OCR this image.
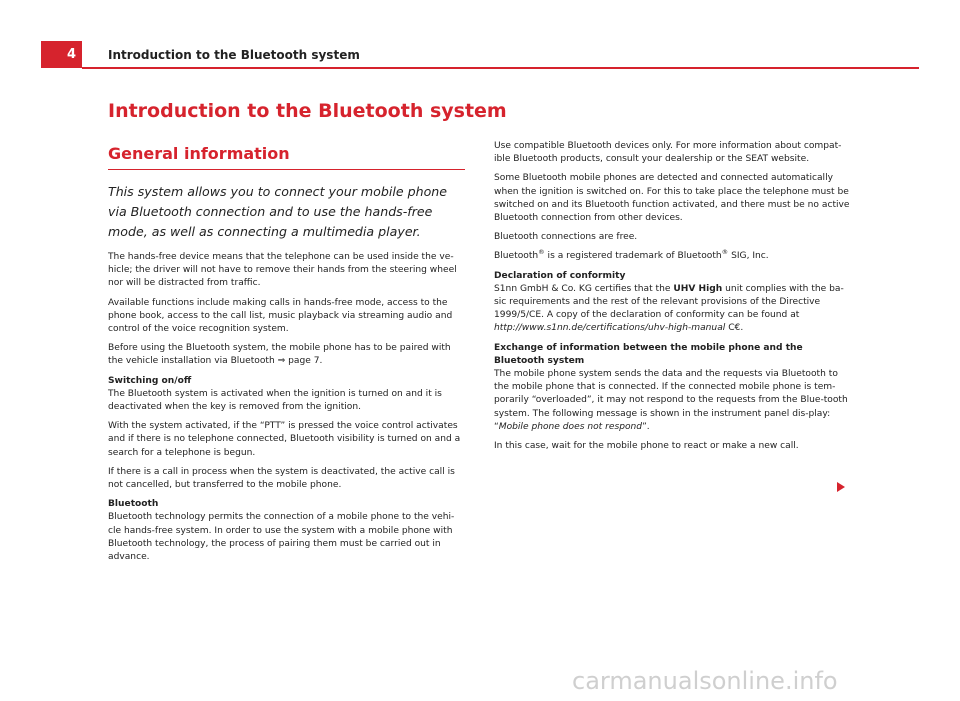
4	Introduction to the Bluetooth system
Introduction to the Bluetooth system
General information
This system allows you to connect your mobile phone via Bluetooth connection and to use the hands-free mode, as well as connecting a multimedia player.

The hands-free device means that the telephone can be used inside the ve-hicle; the driver will not have to remove their hands from the steering wheel nor will be distracted from traffic.

Available functions include making calls in hands-free mode, access to the phone book, access to the call list, music playback via streaming audio and control of the voice recognition system.

Before using the Bluetooth system, the mobile phone has to be paired with the vehicle installation via Bluetooth ⇒ page 7.

Switching on/off

The Bluetooth system is activated when the ignition is turned on and it is deactivated when the key is removed from the ignition.

With the system activated, if the “PTT” is pressed the voice control activates and if there is no telephone connected, Bluetooth visibility is turned on and a search for a telephone is begun.

If there is a call in process when the system is deactivated, the active call is not cancelled, but transferred to the mobile phone.

Bluetooth

Bluetooth technology permits the connection of a mobile phone to the vehi-cle hands-free system. In order to use the system with a mobile phone with Bluetooth technology, the process of pairing them must be carried out in advance.

Use compatible Bluetooth devices only. For more information about compat-ible Bluetooth products, consult your dealership or the SEAT website.

Some Bluetooth mobile phones are detected and connected automatically when the ignition is switched on. For this to take place the telephone must be switched on and its Bluetooth function activated, and there must be no active Bluetooth connection from other devices.

Bluetooth connections are free.

Bluetooth® is a registered trademark of Bluetooth® SIG, Inc.

Declaration of conformity

S1nn GmbH & Co. KG certifies that the UHV High unit complies with the ba-sic requirements and the rest of the relevant provisions of the Directive 1999/5/CE. A copy of the declaration of conformity can be found at http://www.s1nn.de/certifications/uhv-high-manual C€.

Exchange of information between the mobile phone and the Bluetooth system

The mobile phone system sends the data and the requests via Bluetooth to the mobile phone that is connected. If the connected mobile phone is tem-porarily “overloaded”, it may not respond to the requests from the Blue-tooth system. The following message is shown in the instrument panel dis-play: “Mobile phone does not respond”.

In this case, wait for the mobile phone to react or make a new call.

carmanualsonline.info
